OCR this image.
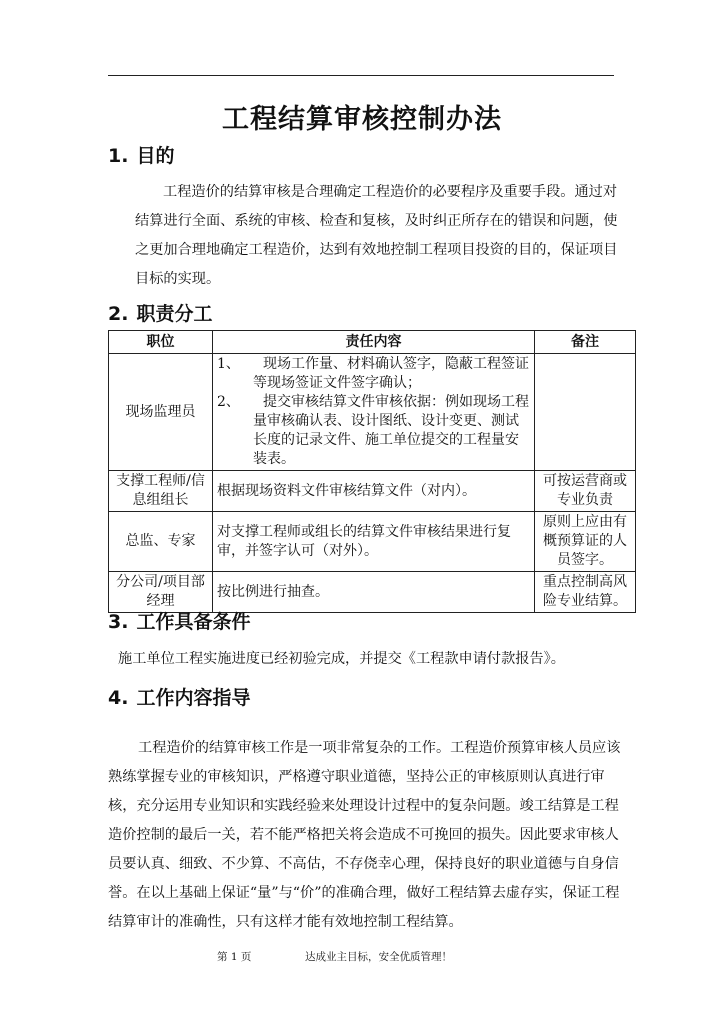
工程结算审核控制办法
1. 目的
工程造价的结算审核是合理确定工程造价的必要程序及重要手段。通过对结算进行全面、系统的审核、检查和复核，及时纠正所存在的错误和问题，使之更加合理地确定工程造价，达到有效地控制工程项目投资的目的，保证项目目标的实现。
2. 职责分工
职位	责任内容	备注
现场监理员	1、 现场工作量、材料确认签字，隐蔽工程签证等现场签证文件签字确认；
2、 提交审核结算文件审核依据：例如现场工程量审核确认表、设计图纸、设计变更、测试长度的记录文件、施工单位提交的工程量安装表。	

支撑工程师/信息组组长	根据现场资料文件审核结算文件（对内）。	可按运营商或专业负责
总监、专家	对支撑工程师或组长的结算文件审核结果进行复审，并签字认可（对外）。	原则上应由有概预算证的人员签字。
分公司/项目部经理	按比例进行抽查。	重点控制高风险专业结算。
3. 工作具备条件
施工单位工程实施进度已经初验完成，并提交《工程款申请付款报告》。
4. 工作内容指导
工程造价的结算审核工作是一项非常复杂的工作。工程造价预算审核人员应该熟练掌握专业的审核知识，严格遵守职业道德，坚持公正的审核原则认真进行审核，充分运用专业知识和实践经验来处理设计过程中的复杂问题。竣工结算是工程造价控制的最后一关，若不能严格把关将会造成不可挽回的损失。因此要求审核人员要认真、细致、不少算、不高估，不存侥幸心理，保持良好的职业道德与自身信誉。在以上基础上保证“量”与“价”的准确合理，做好工程结算去虚存实，保证工程结算审计的准确性，只有这样才能有效地控制工程结算。
第 1 页	达成业主目标，安全优质管理！
